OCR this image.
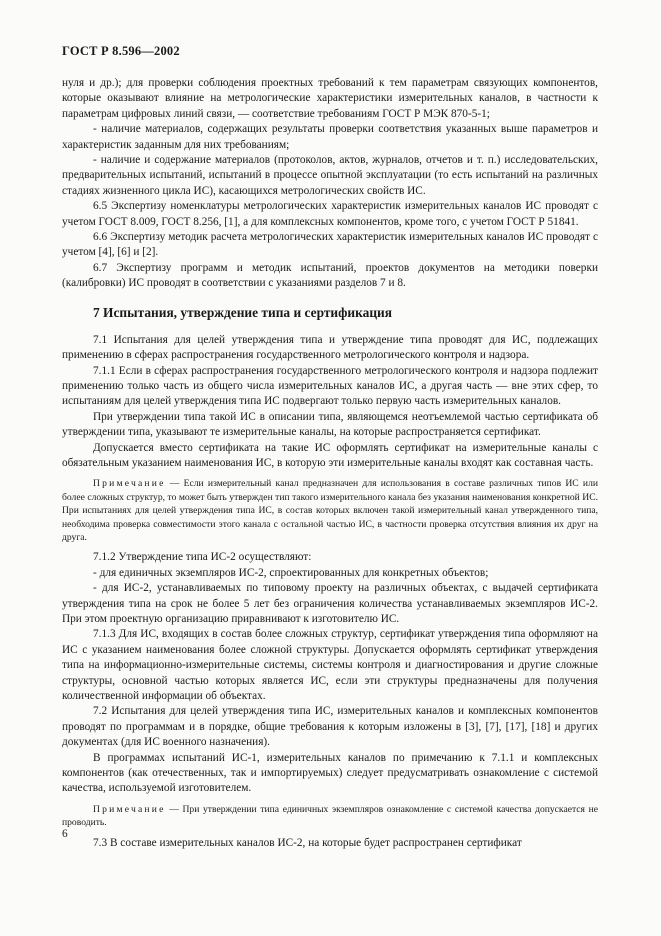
ГОСТ Р 8.596—2002

нуля и др.); для проверки соблюдения проектных требований к тем параметрам связующих компонентов, которые оказывают влияние на метрологические характеристики измерительных каналов, в частности к параметрам цифровых линий связи, — соответствие требованиям ГОСТ Р МЭК 870-5-1;

- наличие материалов, содержащих результаты проверки соответствия указанных выше параметров и характеристик заданным для них требованиям;

- наличие и содержание материалов (протоколов, актов, журналов, отчетов и т. п.) исследовательских, предварительных испытаний, испытаний в процессе опытной эксплуатации (то есть испытаний на различных стадиях жизненного цикла ИС), касающихся метрологических свойств ИС.

6.5 Экспертизу номенклатуры метрологических характеристик измерительных каналов ИС проводят с учетом ГОСТ 8.009, ГОСТ 8.256, [1], а для комплексных компонентов, кроме того, с учетом ГОСТ Р 51841.

6.6 Экспертизу методик расчета метрологических характеристик измерительных каналов ИС проводят с учетом [4], [6] и [2].

6.7 Экспертизу программ и методик испытаний, проектов документов на методики поверки (калибровки) ИС проводят в соответствии с указаниями разделов 7 и 8.

7 Испытания, утверждение типа и сертификация

7.1 Испытания для целей утверждения типа и утверждение типа проводят для ИС, подлежащих применению в сферах распространения государственного метрологического контроля и надзора.

7.1.1 Если в сферах распространения государственного метрологического контроля и надзора подлежит применению только часть из общего числа измерительных каналов ИС, а другая часть — вне этих сфер, то испытаниям для целей утверждения типа ИС подвергают только первую часть измерительных каналов.

При утверждении типа такой ИС в описании типа, являющемся неотъемлемой частью сертификата об утверждении типа, указывают те измерительные каналы, на которые распространяется сертификат.

Допускается вместо сертификата на такие ИС оформлять сертификат на измерительные каналы с обязательным указанием наименования ИС, в которую эти измерительные каналы входят как составная часть.

Примечание — Если измерительный канал предназначен для использования в составе различных типов ИС или более сложных структур, то может быть утвержден тип такого измерительного канала без указания наименования конкретной ИС. При испытаниях для целей утверждения типа ИС, в состав которых включен такой измерительный канал утвержденного типа, необходима проверка совместимости этого канала с остальной частью ИС, в частности проверка отсутствия влияния их друг на друга.

7.1.2 Утверждение типа ИС-2 осуществляют:

- для единичных экземпляров ИС-2, спроектированных для конкретных объектов;

- для ИС-2, устанавливаемых по типовому проекту на различных объектах, с выдачей сертификата утверждения типа на срок не более 5 лет без ограничения количества устанавливаемых экземпляров ИС-2. При этом проектную организацию приравнивают к изготовителю ИС.

7.1.3 Для ИС, входящих в состав более сложных структур, сертификат утверждения типа оформляют на ИС с указанием наименования более сложной структуры. Допускается оформлять сертификат утверждения типа на информационно-измерительные системы, системы контроля и диагностирования и другие сложные структуры, основной частью которых является ИС, если эти структуры предназначены для получения количественной информации об объектах.

7.2 Испытания для целей утверждения типа ИС, измерительных каналов и комплексных компонентов проводят по программам и в порядке, общие требования к которым изложены в [3], [7], [17], [18] и других документах (для ИС военного назначения).

В программах испытаний ИС-1, измерительных каналов по примечанию к 7.1.1 и комплексных компонентов (как отечественных, так и импортируемых) следует предусматривать ознакомление с системой качества, используемой изготовителем.

Примечание — При утверждении типа единичных экземпляров ознакомление с системой качества допускается не проводить.

7.3 В составе измерительных каналов ИС-2, на которые будет распространен сертификат

6
